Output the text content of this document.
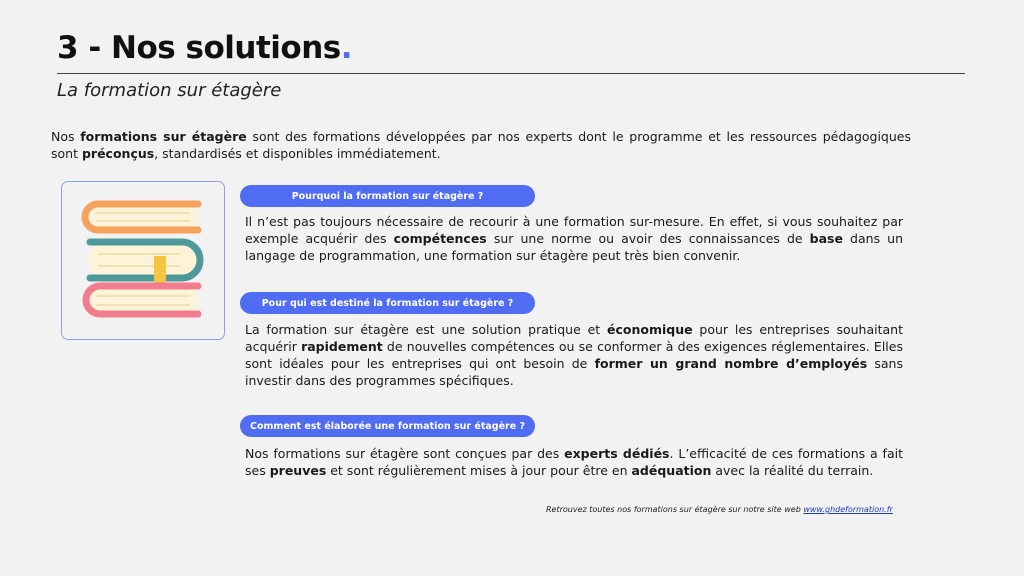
3 - Nos solutions.
La formation sur étagère
Nos formations sur étagère sont des formations développées par nos experts dont le programme et les ressources pédagogiques sont préconçus, standardisés et disponibles immédiatement.
Pourquoi la formation sur étagère ?
Il n’est pas toujours nécessaire de recourir à une formation sur-mesure. En effet, si vous souhaitez par exemple acquérir des compétences sur une norme ou avoir des connaissances de base dans un langage de programmation, une formation sur étagère peut très bien convenir.
Pour qui est destiné la formation sur étagère ?
La formation sur étagère est une solution pratique et économique pour les entreprises souhaitant acquérir rapidement de nouvelles compétences ou se conformer à des exigences réglementaires. Elles sont idéales pour les entreprises qui ont besoin de former un grand nombre d’employés sans investir dans des programmes spécifiques.
Comment est élaborée une formation sur étagère ?
Nos formations sur étagère sont conçues par des experts dédiés. L’efficacité de ces formations a fait ses preuves et sont régulièrement mises à jour pour être en adéquation avec la réalité du terrain.
Retrouvez toutes nos formations sur étagère sur notre site web www.ghdeformation.fr
